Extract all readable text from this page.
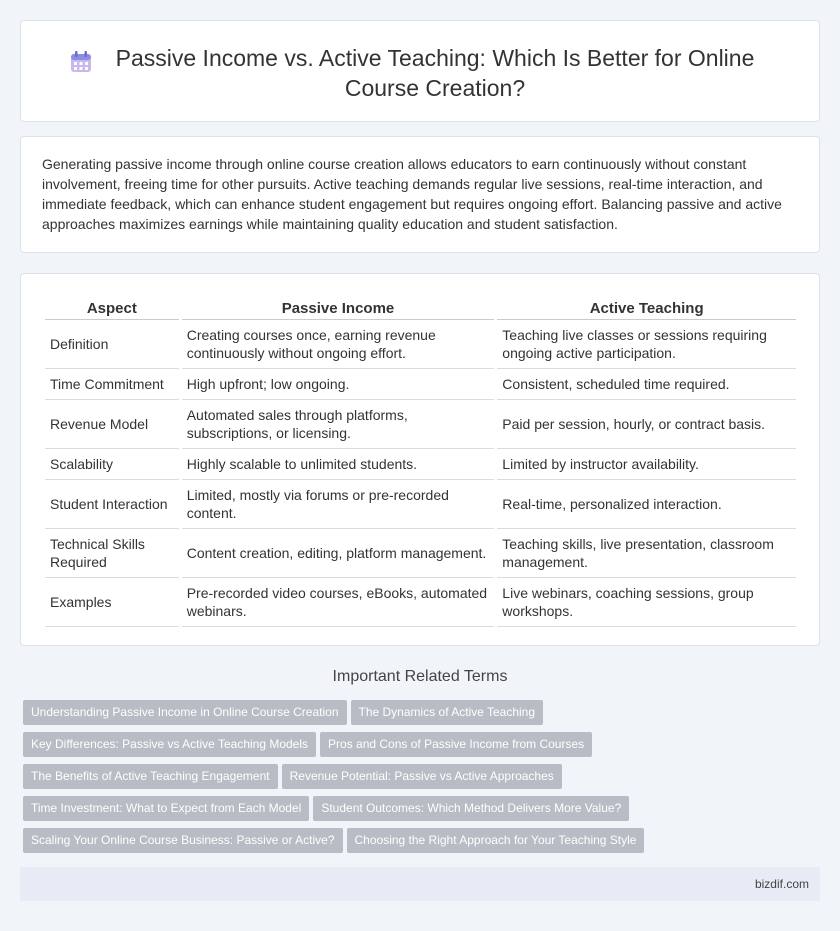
Passive Income vs. Active Teaching: Which Is Better for Online Course Creation?

Generating passive income through online course creation allows educators to earn continuously without constant involvement, freeing time for other pursuits. Active teaching demands regular live sessions, real-time interaction, and immediate feedback, which can enhance student engagement but requires ongoing effort. Balancing passive and active approaches maximizes earnings while maintaining quality education and student satisfaction.

Aspect	Passive Income	Active Teaching
Definition	Creating courses once, earning revenue continuously without ongoing effort.	Teaching live classes or sessions requiring ongoing active participation.
Time Commitment	High upfront; low ongoing.	Consistent, scheduled time required.
Revenue Model	Automated sales through platforms, subscriptions, or licensing.	Paid per session, hourly, or contract basis.
Scalability	Highly scalable to unlimited students.	Limited by instructor availability.
Student Interaction	Limited, mostly via forums or pre-recorded content.	Real-time, personalized interaction.
Technical Skills Required	Content creation, editing, platform management.	Teaching skills, live presentation, classroom management.
Examples	Pre-recorded video courses, eBooks, automated webinars.	Live webinars, coaching sessions, group workshops.
Important Related Terms
Understanding Passive Income in Online Course Creation The Dynamics of Active Teaching
Key Differences: Passive vs Active Teaching Models Pros and Cons of Passive Income from Courses
The Benefits of Active Teaching Engagement Revenue Potential: Passive vs Active Approaches
Time Investment: What to Expect from Each Model Student Outcomes: Which Method Delivers More Value?
Scaling Your Online Course Business: Passive or Active? Choosing the Right Approach for Your Teaching Style
bizdif.com
